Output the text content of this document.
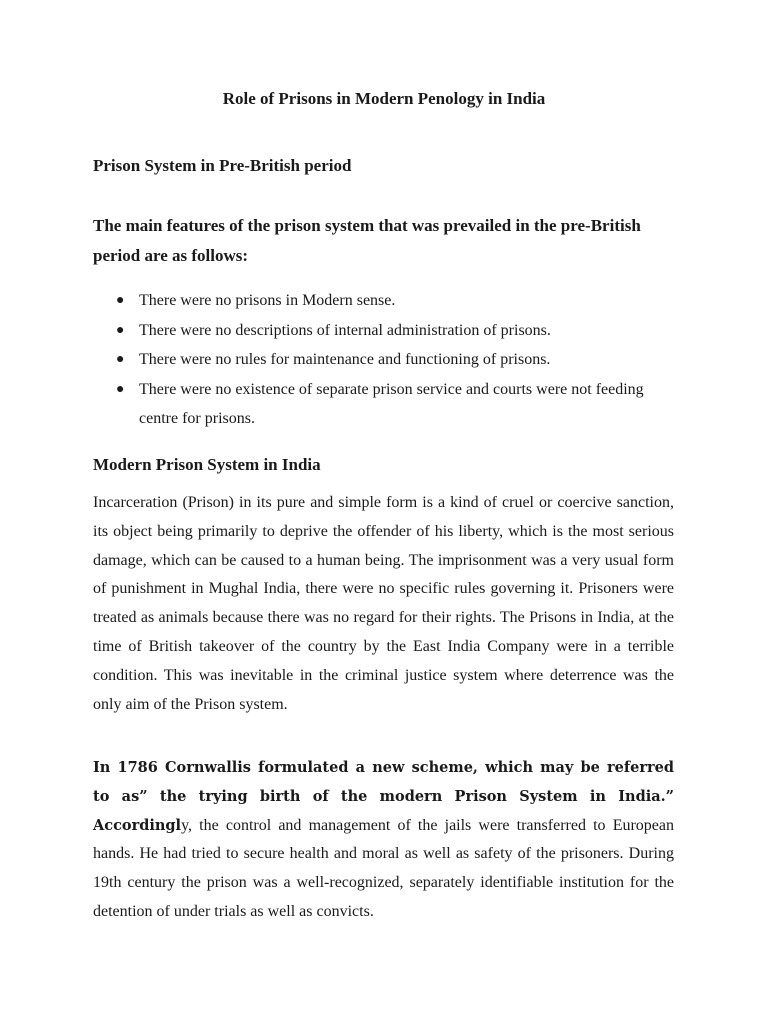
Role of Prisons in Modern Penology in India
Prison System in Pre-British period
The main features of the prison system that was prevailed in the pre-British period are as follows:
● There were no prisons in Modern sense.
● There were no descriptions of internal administration of prisons.
● There were no rules for maintenance and functioning of prisons.
● There were no existence of separate prison service and courts were not feeding centre for prisons.
Modern Prison System in India

Incarceration (Prison) in its pure and simple form is a kind of cruel or coercive sanction, its object being primarily to deprive the offender of his liberty, which is the most serious damage, which can be caused to a human being. The imprisonment was a very usual form of punishment in Mughal India, there were no specific rules governing it. Prisoners were treated as animals because there was no regard for their rights. The Prisons in India, at the time of British takeover of the country by the East India Company were in a terrible condition. This was inevitable in the criminal justice system where deterrence was the only aim of the Prison system.

In 1786 Cornwallis formulated a new scheme, which may be referred to as” the trying birth of the modern Prison System in India.” Accordingly, the control and management of the jails were transferred to European hands. He had tried to secure health and moral as well as safety of the prisoners. During 19th century the prison was a well-recognized, separately identifiable institution for the detention of under trials as well as convicts.
